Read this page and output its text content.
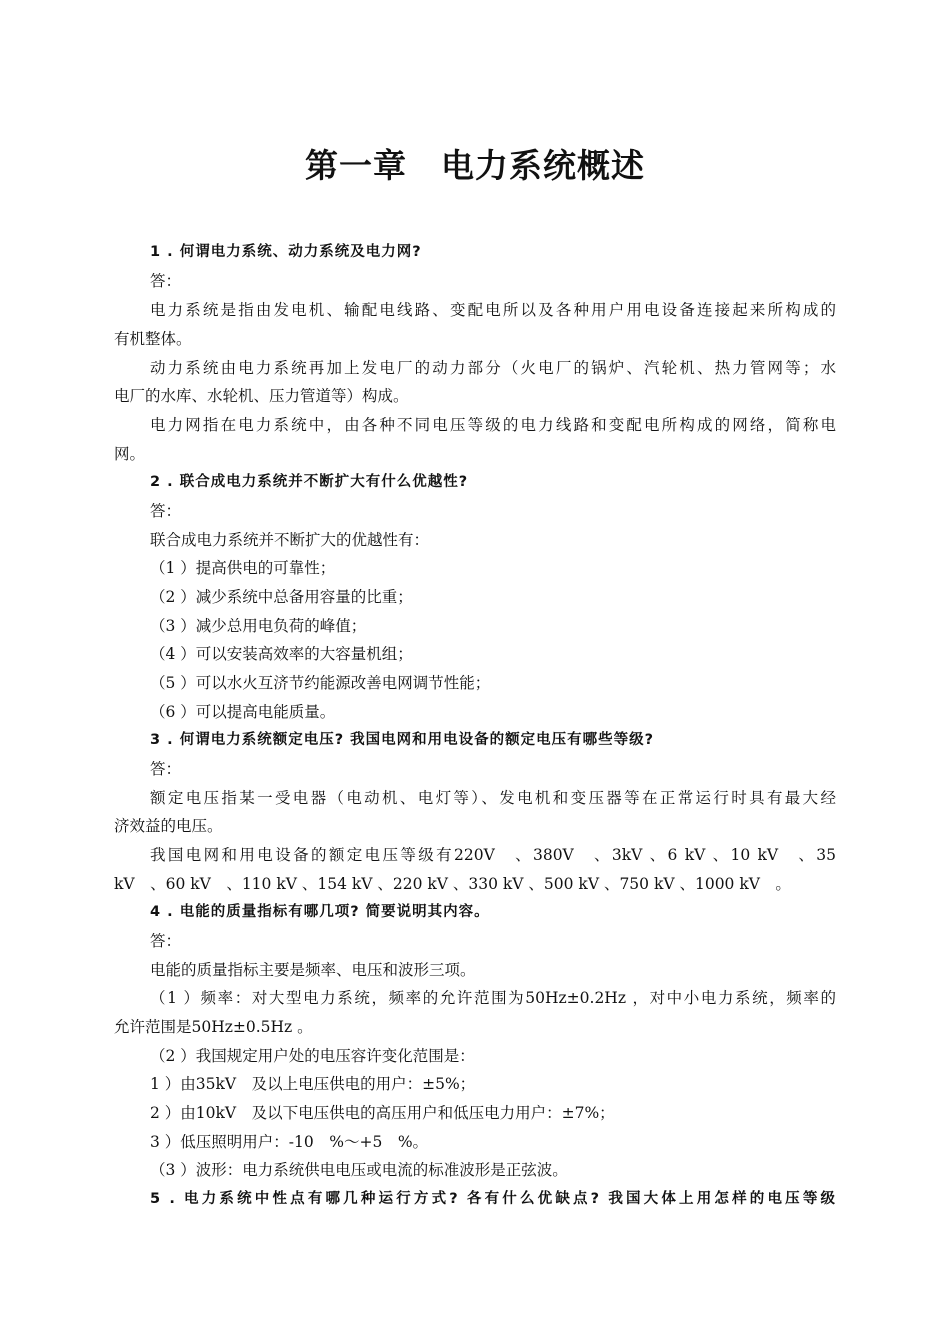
第一章　电力系统概述
1 . 何谓电力系统、动力系统及电力网?
答：
电力系统是指由发电机、输配电线路、变配电所以及各种用户用电设备连接起来所构成的
有机整体。
动力系统由电力系统再加上发电厂的动力部分（火电厂的锅炉、汽轮机、热力管网等；水
电厂的水库、水轮机、压力管道等）构成。
电力网指在电力系统中，由各种不同电压等级的电力线路和变配电所构成的网络，简称电
网。
2 . 联合成电力系统并不断扩大有什么优越性?
答：
联合成电力系统并不断扩大的优越性有：
（1 ）提高供电的可靠性；
（2 ）减少系统中总备用容量的比重；
（3 ）减少总用电负荷的峰值；
（4 ）可以安装高效率的大容量机组；
（5 ）可以水火互济节约能源改善电网调节性能；
（6 ）可以提高电能质量。
3 . 何谓电力系统额定电压? 我国电网和用电设备的额定电压有哪些等级?
答：
额定电压指某一受电器（电动机、电灯等）、发电机和变压器等在正常运行时具有最大经
济效益的电压。
我国电网和用电设备的额定电压等级有220V　、380V　、3kV 、6 kV 、10 kV　、35
kV　、60 kV　、110 kV 、154 kV 、220 kV 、330 kV 、500 kV 、750 kV 、1000 kV　。
4 . 电能的质量指标有哪几项? 简要说明其内容。
答：
电能的质量指标主要是频率、电压和波形三项。
（1 ）频率：对大型电力系统，频率的允许范围为50Hz±0.2Hz ，对中小电力系统，频率的
允许范围是50Hz±0.5Hz 。
（2 ）我国规定用户处的电压容许变化范围是：
1 ）由35kV　及以上电压供电的用户：±5%；
2 ）由10kV　及以下电压供电的高压用户和低压电力用户：±7%；
3 ）低压照明用户：-10　%～+5　%。
（3 ）波形：电力系统供电电压或电流的标准波形是正弦波。
5 . 电力系统中性点有哪几种运行方式? 各有什么优缺点? 我国大体上用怎样的电压等级
